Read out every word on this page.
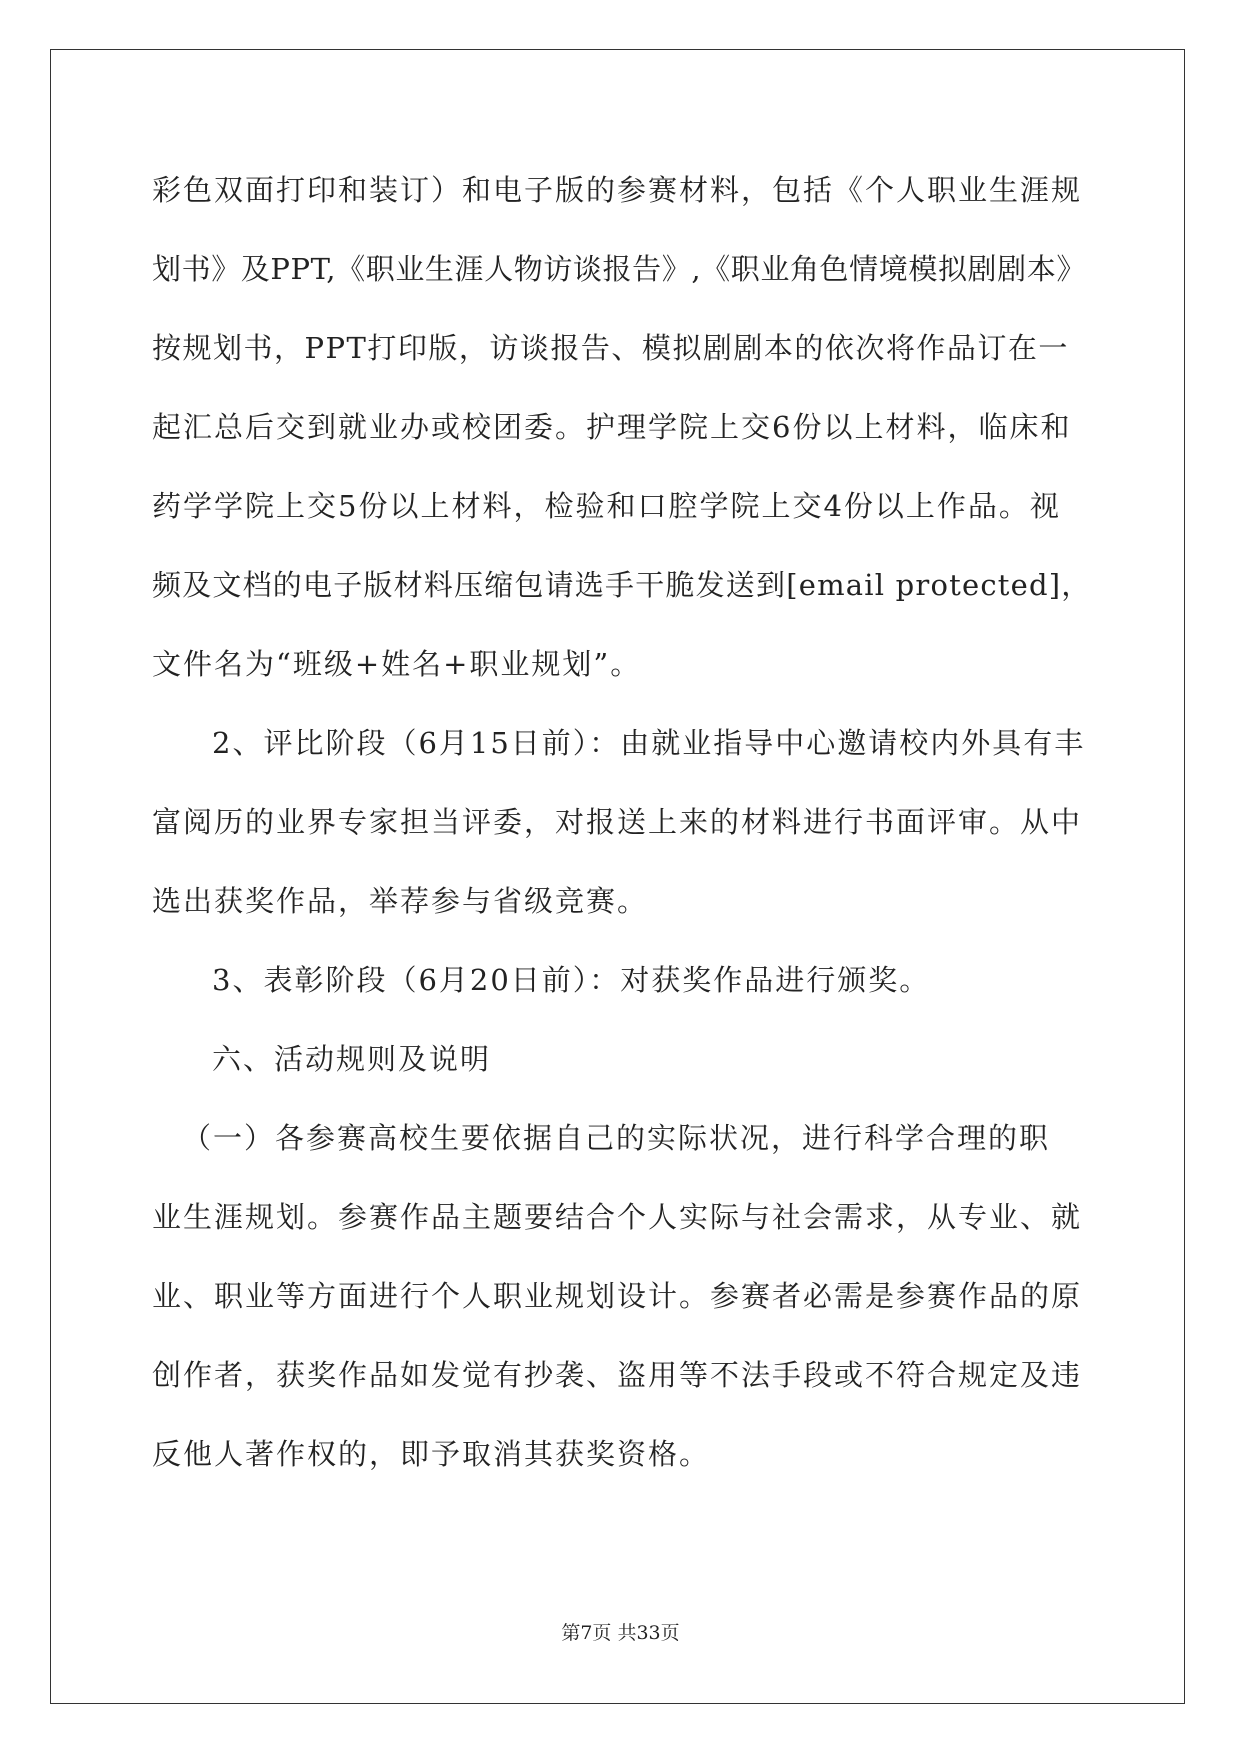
彩色双面打印和装订）和电子版的参赛材料，包括《个人职业生涯规
划书》及PPT,《职业生涯人物访谈报告》,《职业角色情境模拟剧剧本》
按规划书，PPT打印版，访谈报告、模拟剧剧本的依次将作品订在一
起汇总后交到就业办或校团委。护理学院上交6份以上材料，临床和
药学学院上交5份以上材料，检验和口腔学院上交4份以上作品。视
频及文档的电子版材料压缩包请选手干脆发送到[email protected]，
文件名为“班级+姓名+职业规划”。
2、评比阶段（6月15日前）：由就业指导中心邀请校内外具有丰
富阅历的业界专家担当评委，对报送上来的材料进行书面评审。从中
选出获奖作品，举荐参与省级竞赛。
3、表彰阶段（6月20日前）：对获奖作品进行颁奖。
六、活动规则及说明
（一）各参赛高校生要依据自己的实际状况，进行科学合理的职
业生涯规划。参赛作品主题要结合个人实际与社会需求，从专业、就
业、职业等方面进行个人职业规划设计。参赛者必需是参赛作品的原
创作者，获奖作品如发觉有抄袭、盗用等不法手段或不符合规定及违
反他人著作权的，即予取消其获奖资格。
第7页 共33页
